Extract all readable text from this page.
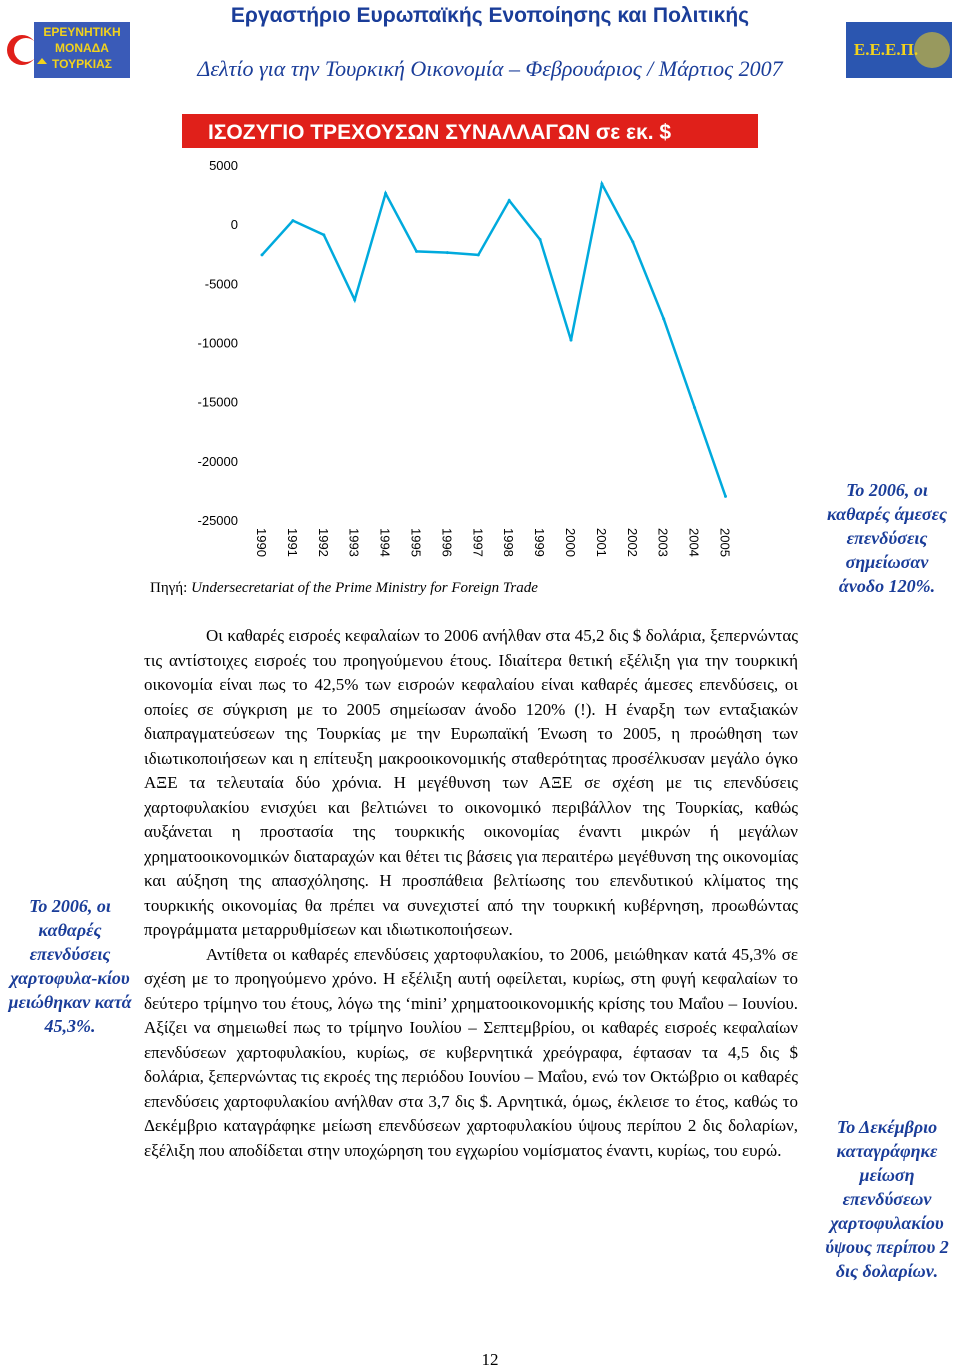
ΕΡΕΥΝΗΤΙΚΗ
ΜΟΝΑΔΑ
ΤΟΥΡΚΙΑΣ
Εργαστήριο Ευρωπαϊκής Ενοποίησης και Πολιτικής
Δελτίο για την Τουρκική Οικονομία – Φεβρουάριος / Μάρτιος 2007
Ε.Ε.Ε.Π.
ΙΣΟΖΥΓΙΟ ΤΡΕΧΟΥΣΩΝ ΣΥΝΑΛΛΑΓΩΝ σε εκ. $
5000
0
-5000
-10000
-15000
-20000
-25000
1990 1991 1992 1993 1994 1995 1996 1997 1998 1999 2000 2001 2002 2003 2004 2005
Πηγή: Undersecretariat of the Prime Ministry for Foreign Trade

Οι καθαρές εισροές κεφαλαίων το 2006 ανήλθαν στα 45,2 δις $ δολάρια, ξεπερνώντας τις αντίστοιχες εισροές του προηγούμενου έτους. Ιδιαίτερα θετική εξέλιξη για την τουρκική οικονομία είναι πως το 42,5% των εισροών κεφαλαίου είναι καθαρές άμεσες επενδύσεις, οι οποίες σε σύγκριση με το 2005 σημείωσαν άνοδο 120% (!). Η έναρξη των ενταξιακών διαπραγματεύσεων της Τουρκίας με την Ευρωπαϊκή Ένωση το 2005, η προώθηση των ιδιωτικοποιήσεων και η επίτευξη μακροοικονομικής σταθερότητας προσέλκυσαν μεγάλο όγκο ΑΞΕ τα τελευταία δύο χρόνια. Η μεγέθυνση των ΑΞΕ σε σχέση με τις επενδύσεις χαρτοφυλακίου ενισχύει και βελτιώνει το οικονομικό περιβάλλον της Τουρκίας, καθώς αυξάνεται η προστασία της τουρκικής οικονομίας έναντι μικρών ή μεγάλων χρηματοοικονομικών διαταραχών και θέτει τις βάσεις για περαιτέρω μεγέθυνση της οικονομίας και αύξηση της απασχόλησης. Η προσπάθεια βελτίωσης του επενδυτικού κλίματος της τουρκικής οικονομίας θα πρέπει να συνεχιστεί από την τουρκική κυβέρνηση, προωθώντας προγράμματα μεταρρυθμίσεων και ιδιωτικοποιήσεων.

Αντίθετα οι καθαρές επενδύσεις χαρτοφυλακίου, το 2006, μειώθηκαν κατά 45,3% σε σχέση με το προηγούμενο χρόνο. Η εξέλιξη αυτή οφείλεται, κυρίως, στη φυγή κεφαλαίων το δεύτερο τρίμηνο του έτους, λόγω της ‘mini’ χρηματοοικονομικής κρίσης του Μαΐου – Ιουνίου. Αξίζει να σημειωθεί πως το τρίμηνο Ιουλίου – Σεπτεμβρίου, οι καθαρές εισροές κεφαλαίων επενδύσεων χαρτοφυλακίου, κυρίως, σε κυβερνητικά χρεόγραφα, έφτασαν τα 4,5 δις $ δολάρια, ξεπερνώντας τις εκροές της περιόδου Ιουνίου – Μαΐου, ενώ τον Οκτώβριο οι καθαρές επενδύσεις χαρτοφυλακίου ανήλθαν στα 3,7 δις $. Αρνητικά, όμως, έκλεισε το έτος, καθώς το Δεκέμβριο καταγράφηκε μείωση επενδύσεων χαρτοφυλακίου ύψους περίπου 2 δις δολαρίων, εξέλιξη που αποδίδεται στην υποχώρηση του εγχωρίου νομίσματος έναντι, κυρίως, του ευρώ.

Το 2006, οι καθαρές άμεσες επενδύσεις σημείωσαν άνοδο 120%.
Το 2006, οι καθαρές επενδύσεις χαρτοφυλα-κίου μειώθηκαν κατά 45,3%.
Το Δεκέμβριο καταγράφηκε μείωση επενδύσεων χαρτοφυλακίου ύψους περίπου 2 δις δολαρίων.
12
